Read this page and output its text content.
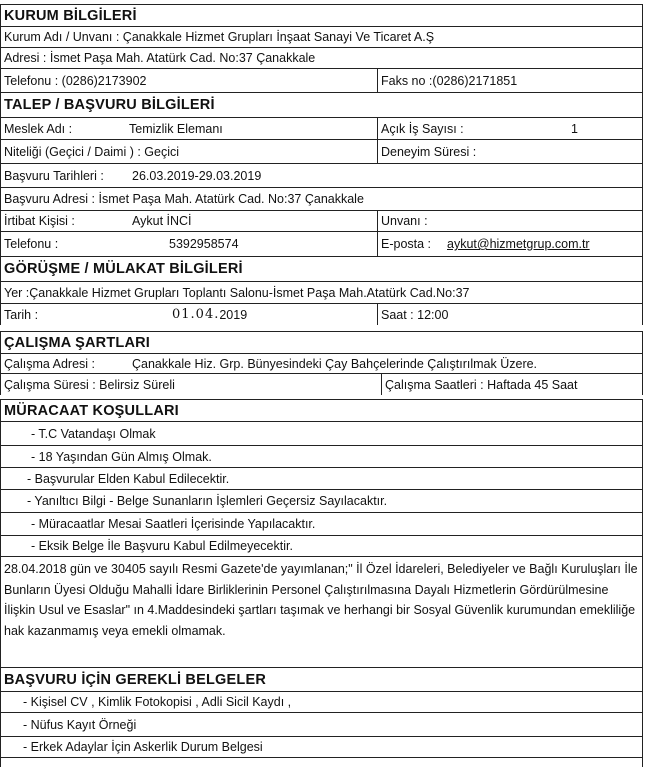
KURUM BİLGİLERİ
Kurum Adı / Unvanı : Çanakkale Hizmet Grupları İnşaat Sanayi Ve Ticaret A.Ş
Adresi : İsmet Paşa Mah. Atatürk Cad. No:37 Çanakkale
Telefonu : (0286)2173902	Faks no :(0286)2171851
TALEP / BAŞVURU BİLGİLERİ
Meslek Adı :	Temizlik Elemanı	Açık İş Sayısı :	1
Niteliği (Geçici / Daimi ) : Geçici	Deneyim Süresi :
Başvuru Tarihleri :	26.03.2019-29.03.2019
Başvuru Adresi : İsmet Paşa Mah. Atatürk Cad. No:37 Çanakkale
İrtibat Kişisi :	Aykut İNCİ	Unvanı :
Telefonu :	5392958574	E-posta :	aykut@hizmetgrup.com.tr
GÖRÜŞME / MÜLAKAT BİLGİLERİ
Yer :Çanakkale Hizmet Grupları Toplantı Salonu-İsmet Paşa Mah.Atatürk Cad.No:37
Tarih :	01.04. 2019	Saat : 12:00
ÇALIŞMA ŞARTLARI
Çalışma Adresi :	Çanakkale Hiz. Grp. Bünyesindeki Çay Bahçelerinde Çalıştırılmak Üzere.
Çalışma Süresi : Belirsiz Süreli	Çalışma Saatleri : Haftada 45 Saat
MÜRACAAT KOŞULLARI
- T.C Vatandaşı Olmak
- 18 Yaşından Gün Almış Olmak.
- Başvurular Elden Kabul Edilecektir.
- Yanıltıcı Bilgi - Belge Sunanların İşlemleri Geçersiz Sayılacaktır.
- Müracaatlar Mesai Saatleri İçerisinde Yapılacaktır.
- Eksik Belge İle Başvuru Kabul Edilmeyecektir.
28.04.2018 gün ve 30405 sayılı Resmi Gazete'de yayımlanan;" İl Özel İdareleri, Belediyeler ve Bağlı Kuruluşları İle Bunların Üyesi Olduğu Mahalli İdare Birliklerinin Personel Çalıştırılmasına Dayalı Hizmetlerin Gördürülmesine İlişkin Usul ve Esaslar" ın 4.Maddesindeki şartları taşımak ve herhangi bir Sosyal Güvenlik kurumundan emekliliğe hak kazanmamış veya emekli olmamak.
BAŞVURU İÇİN GEREKLİ BELGELER
- Kişisel CV , Kimlik Fotokopisi , Adli Sicil Kaydı ,
- Nüfus Kayıt Örneği
- Erkek Adaylar İçin Askerlik Durum Belgesi
